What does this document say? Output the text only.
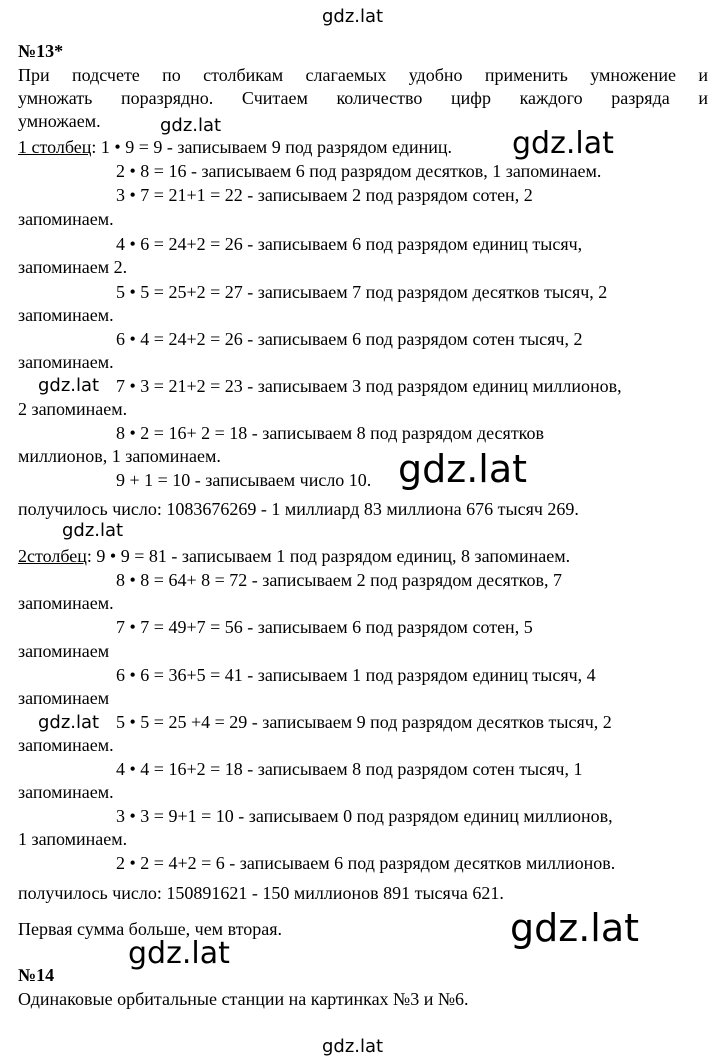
gdz.lat
gdz.lat
gdz.lat
gdz.lat
gdz.lat
gdz.lat
gdz.lat
gdz.lat
gdz.lat
gdz.lat
№13*
При подсчете по столбикам слагаемых удобно применить умножение и
умножать поразрядно. Считаем количество цифр каждого разряда и
умножаем.
1 столбец: 1 • 9 = 9 - записываем 9 под разрядом единиц.
2 • 8 = 16 - записываем 6 под разрядом десятков, 1 запоминаем.
3 • 7 = 21+1 = 22 - записываем 2 под разрядом сотен, 2
запоминаем.
4 • 6 = 24+2 = 26 - записываем 6 под разрядом единиц тысяч,
запоминаем 2.
5 • 5 = 25+2 = 27 - записываем 7 под разрядом десятков тысяч, 2
запоминаем.
6 • 4 = 24+2 = 26 - записываем 6 под разрядом сотен тысяч, 2
запоминаем.
7 • 3 = 21+2 = 23 - записываем 3 под разрядом единиц миллионов,
2 запоминаем.
8 • 2 = 16+ 2 = 18 - записываем 8 под разрядом десятков
миллионов, 1 запоминаем.
9 + 1 = 10 - записываем число 10.
получилось число: 1083676269 - 1 миллиард 83 миллиона 676 тысяч 269.
2столбец: 9 • 9 = 81 - записываем 1 под разрядом единиц, 8 запоминаем.
8 • 8 = 64+ 8 = 72 - записываем 2 под разрядом десятков, 7
запоминаем.
7 • 7 = 49+7 = 56 - записываем 6 под разрядом сотен, 5
запоминаем
6 • 6 = 36+5 = 41 - записываем 1 под разрядом единиц тысяч, 4
запоминаем
5 • 5 = 25 +4 = 29 - записываем 9 под разрядом десятков тысяч, 2
запоминаем.
4 • 4 = 16+2 = 18 - записываем 8 под разрядом сотен тысяч, 1
запоминаем.
3 • 3 = 9+1 = 10 - записываем 0 под разрядом единиц миллионов,
1 запоминаем.
2 • 2 = 4+2 = 6 - записываем 6 под разрядом десятков миллионов.
получилось число: 150891621 - 150 миллионов 891 тысяча 621.
Первая сумма больше, чем вторая.
№14
Одинаковые орбитальные станции на картинках №3 и №6.
